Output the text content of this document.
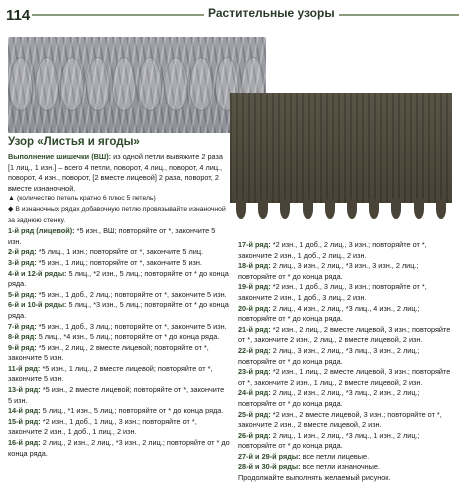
114	Растительные узоры
Узор «Листья и ягоды»

Выполнение шишечки (ВШ): из одной петли вывяжите 2 раза [1 лиц., 1 изн.] – всего 4 петли, поворот, 4 лиц., поворот, 4 лиц., поворот, 4 изн., поворот, [2 вместе лицевой] 2 раза, поворот, 2 вместе изнаночной.

▲ (количество петель кратно 6 плюс 5 петель)

◆ В изнаночных рядах добавочную петлю провязывайте изнаночной за заднюю стенку.

1-й ряд (лицевой): *5 изн., ВШ; повторяйте от *, закончите 5 изн.

2-й ряд: *5 лиц., 1 изн.; повторяйте от *, закончите 5 лиц.

3-й ряд: *5 изн., 1 лиц.; повторяйте от *, закончите 5 изн.

4-й и 12-й ряды: 5 лиц., *2 изн., 5 лиц.; повторяйте от * до конца ряда.

5-й ряд: *5 изн., 1 доб., 2 лиц.; повторяйте от *, закончите 5 изн.

6-й и 10-й ряды: 5 лиц., *3 изн., 5 лиц.; повторяйте от * до конца ряда.

7-й ряд: *5 изн., 1 доб., 3 лиц.; повторяйте от *, закончите 5 изн.

8-й ряд: 5 лиц., *4 изн., 5 лиц.; повторяйте от * до конца ряда.

9-й ряд: *5 изн., 2 лиц., 2 вместе лицевой; повторяйте от *, закончите 5 изн.

11-й ряд: *5 изн., 1 лиц., 2 вместе лицевой; повторяйте от *, закончите 5 изн.

13-й ряд: *5 изн., 2 вместе лицевой; повторяйте от *, закончите 5 изн.

14-й ряд: 5 лиц., *1 изн., 5 лиц.; повторяйте от * до конца ряда.

15-й ряд: *2 изн., 1 доб., 1 лиц., 3 изн.; повторяйте от *, закончите 2 изн., 1 доб., 1 лиц., 2 изн.

16-й ряд: 2 лиц., 2 изн., 2 лиц., *3 изн., 2 лиц.; повторяйте от * до конца ряда.

17-й ряд: *2 изн., 1 доб., 2 лиц., 3 изн.; повторяйте от *, закончите 2 изн., 1 доб., 2 лиц., 2 изн.

18-й ряд: 2 лиц., 3 изн., 2 лиц., *3 изн., 3 изн., 2 лиц.; повторяйте от * до конца ряда.

19-й ряд: *2 изн., 1 доб., 3 лиц., 3 изн.; повторяйте от *, закончите 2 изн., 1 доб., 3 лиц., 2 изн.

20-й ряд: 2 лиц., 4 изн., 2 лиц., *3 лиц., 4 изн., 2 лиц.; повторяйте от * до конца ряда.

21-й ряд: *2 изн., 2 лиц., 2 вместе лицевой, 3 изн.; повторяйте от *, закончите 2 изн., 2 лиц., 2 вместе лицевой, 2 изн.

22-й ряд: 2 лиц., 3 изн., 2 лиц., *3 лиц., 3 изн., 2 лиц.; повторяйте от * до конца ряда.

23-й ряд: *2 изн., 1 лиц., 2 вместе лицевой, 3 изн.; повторяйте от *, закончите 2 изн., 1 лиц., 2 вместе лицевой, 2 изн.

24-й ряд: 2 лиц., 2 изн., 2 лиц., *3 лиц., 2 изн., 2 лиц.; повторяйте от * до конца ряда.

25-й ряд: *2 изн., 2 вместе лицевой, 3 изн.; повторяйте от *, закончите 2 изн., 2 вместе лицевой, 2 изн.

26-й ряд: 2 лиц., 1 изн., 2 лиц., *3 лиц., 1 изн., 2 лиц.; повторяйте от * до конца ряда.

27-й и 29-й ряды: все петли лицевые.

28-й и 30-й ряды: все петли изнаночные.

Продолжайте выполнять желаемый рисунок.
